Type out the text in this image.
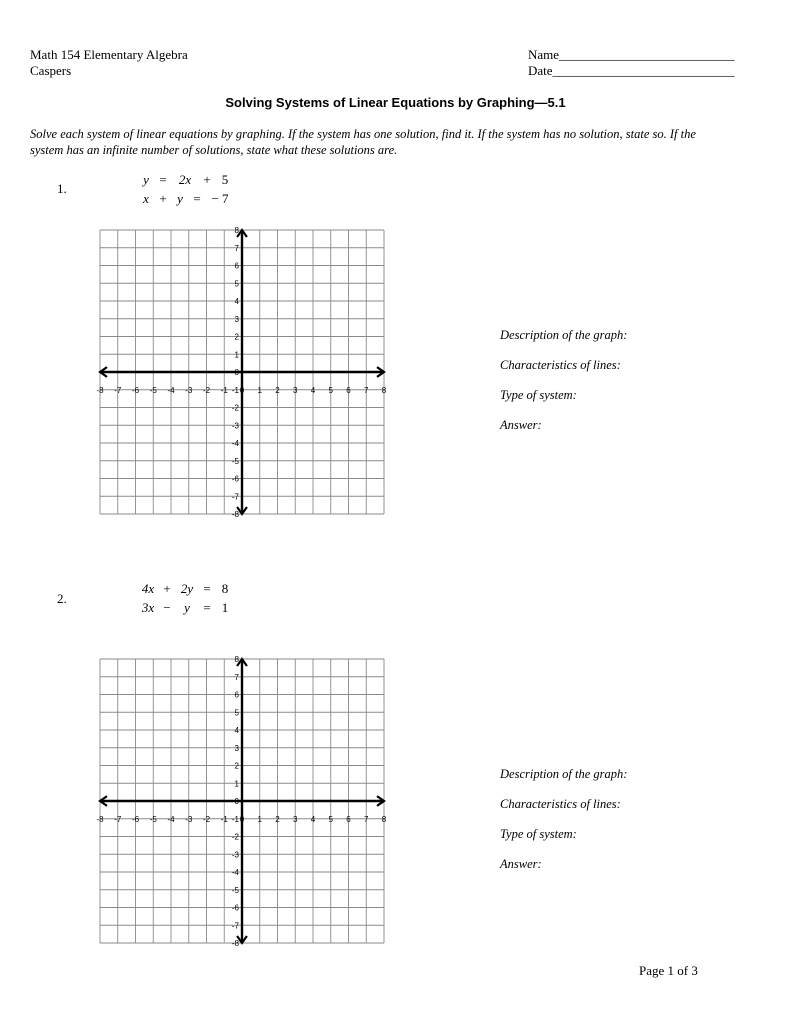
Math 154 Elementary Algebra
Caspers
Name___________________________
Date____________________________
Solving Systems of Linear Equations by Graphing—5.1
Solve each system of linear equations by graphing. If the system has one solution, find it. If the system has no solution, state so. If the system has an infinite number of solutions, state what these solutions are.
1.
y = 2x + 5
x + y = − 7
-8 -7 -6 -5 -4 -3 -2 -1 0 1 2 3 4 5 6 7 8
8
7
6
5
4
3
2
1
0
-1
-2
-3
-4
-5
-6
-7
-8
Description of the graph:
Characteristics of lines:
Type of system:
Answer:
2.
4x + 2y = 8
3x −	y	= 1
-8 -7 -6 -5 -4 -3 -2 -1 0 1 2 3 4 5 6 7 8
8
7
6
5
4
3
2
1
0
-1
-2
-3
-4
-5
-6
-7
-8
Description of the graph:
Characteristics of lines:
Type of system:
Answer:
Page 1 of 3
